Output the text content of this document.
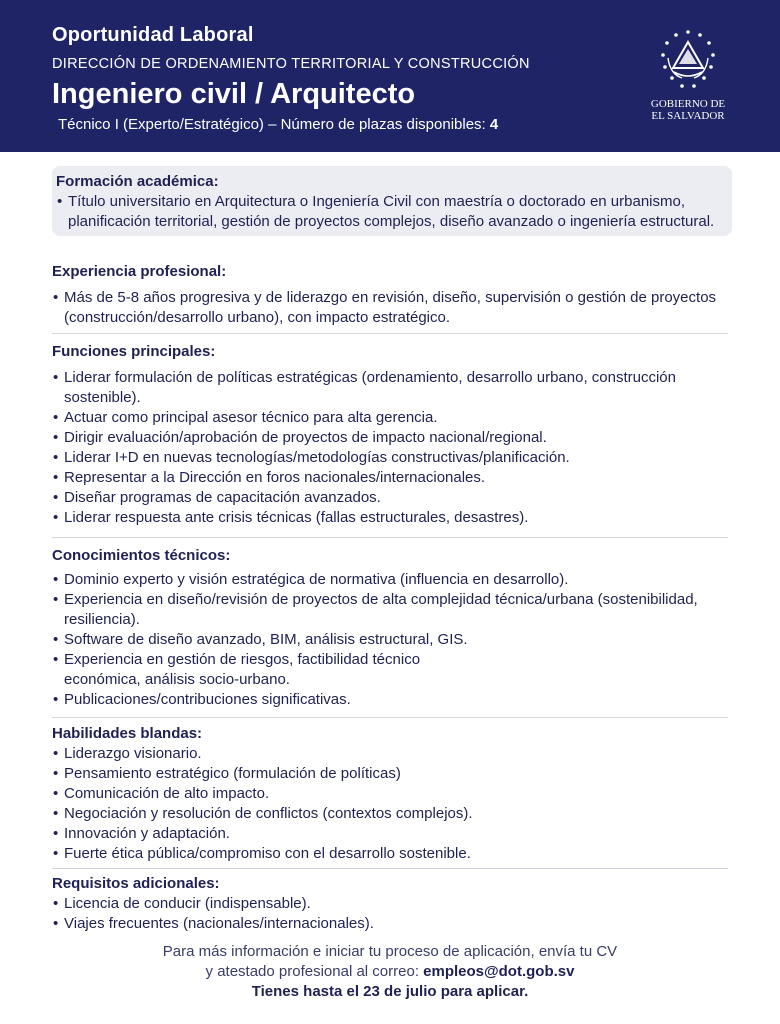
Oportunidad Laboral
DIRECCIÓN DE ORDENAMIENTO TERRITORIAL Y CONSTRUCCIÓN
Ingeniero civil / Arquitecto
Técnico I (Experto/Estratégico) – Número de plazas disponibles: 4
GOBIERNO DE
EL SALVADOR
Formación académica:
• Título universitario en Arquitectura o Ingeniería Civil con maestría o doctorado en urbanismo, planificación territorial, gestión de proyectos complejos, diseño avanzado o ingeniería estructural.
Experiencia profesional:
• Más de 5-8 años progresiva y de liderazgo en revisión, diseño, supervisión o gestión de proyectos (construcción/desarrollo urbano), con impacto estratégico.
Funciones principales:
• Liderar formulación de políticas estratégicas (ordenamiento, desarrollo urbano, construcción sostenible).
• Actuar como principal asesor técnico para alta gerencia.
• Dirigir evaluación/aprobación de proyectos de impacto nacional/regional.
• Liderar I+D en nuevas tecnologías/metodologías constructivas/planificación.
• Representar a la Dirección en foros nacionales/internacionales.
• Diseñar programas de capacitación avanzados.
• Liderar respuesta ante crisis técnicas (fallas estructurales, desastres).
Conocimientos técnicos:
• Dominio experto y visión estratégica de normativa (influencia en desarrollo).
• Experiencia en diseño/revisión de proyectos de alta complejidad técnica/urbana (sostenibilidad, resiliencia).
• Software de diseño avanzado, BIM, análisis estructural, GIS.
• Experiencia en gestión de riesgos, factibilidad técnico económica, análisis socio-urbano.
• Publicaciones/contribuciones significativas.
Habilidades blandas:
• Liderazgo visionario.
• Pensamiento estratégico (formulación de políticas)
• Comunicación de alto impacto.
• Negociación y resolución de conflictos (contextos complejos).
• Innovación y adaptación.
• Fuerte ética pública/compromiso con el desarrollo sostenible.
Requisitos adicionales:
• Licencia de conducir (indispensable).
• Viajes frecuentes (nacionales/internacionales).
Para más información e iniciar tu proceso de aplicación, envía tu CV
y atestado profesional al correo: empleos@dot.gob.sv
Tienes hasta el 23 de julio para aplicar.
